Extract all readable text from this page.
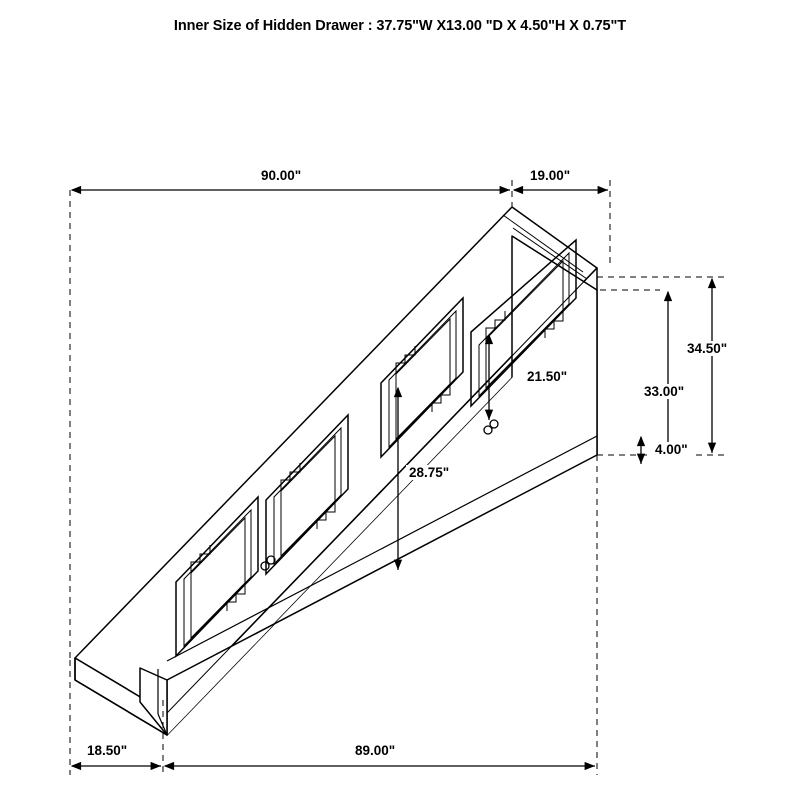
Inner Size of Hidden Drawer : 37.75"W X13.00 "D X 4.50"H X 0.75"T
90.00"	19.00"
34.50"
33.00"
4.00"
28.75"
21.50"
18.50"	89.00"
